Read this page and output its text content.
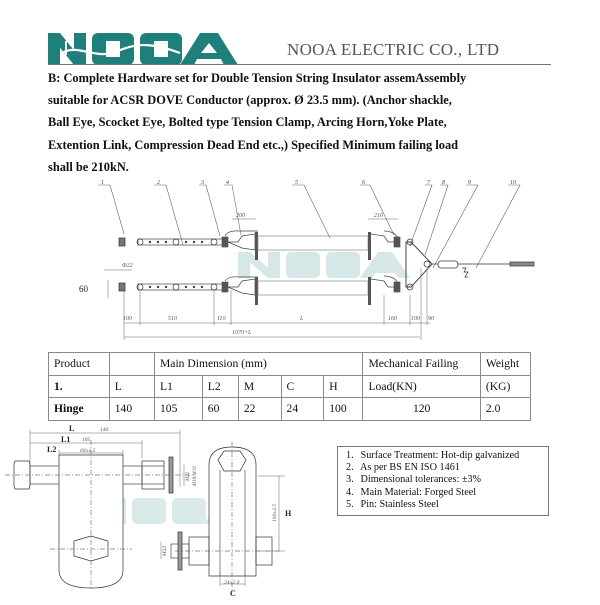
NOOA ELECTRIC CO., LTD

B: Complete Hardware set for Double Tension String Insulator assemAssembly

suitable for ACSR DOVE Conductor (approx. Ø 23.5 mm). (Anchor shackle,

Ball Eye, Scocket Eye, Bolted type Tension Clamp, Arcing Horn,Yoke Plate,

Extention Link, Compression Dead End etc.,) Specified Minimum failing load

shall be 210kN.

1	2	3	4	5	6	7 8	9	10
Φ22
100	510	110	L	160 100 90
1070+L
200	210
60
Product		Main Dimension (mm)					Mechanical Failing	Weight
1.	L	L1	L2	M	C	H	Load(KN)	(KG)
Hinge	140	105	60	22	24	100	120	2.0
L
L1
L2
H
C
140
105
60±1.5
24±2.0
M22 M18/M16
100±2.5
M22
1. Surface Treatment: Hot-dip galvanized
2. As per BS EN ISO 1461
3. Dimensional tolerances: ±3%
4. Main Material: Forged Steel
5. Pin: Stainless Steel
